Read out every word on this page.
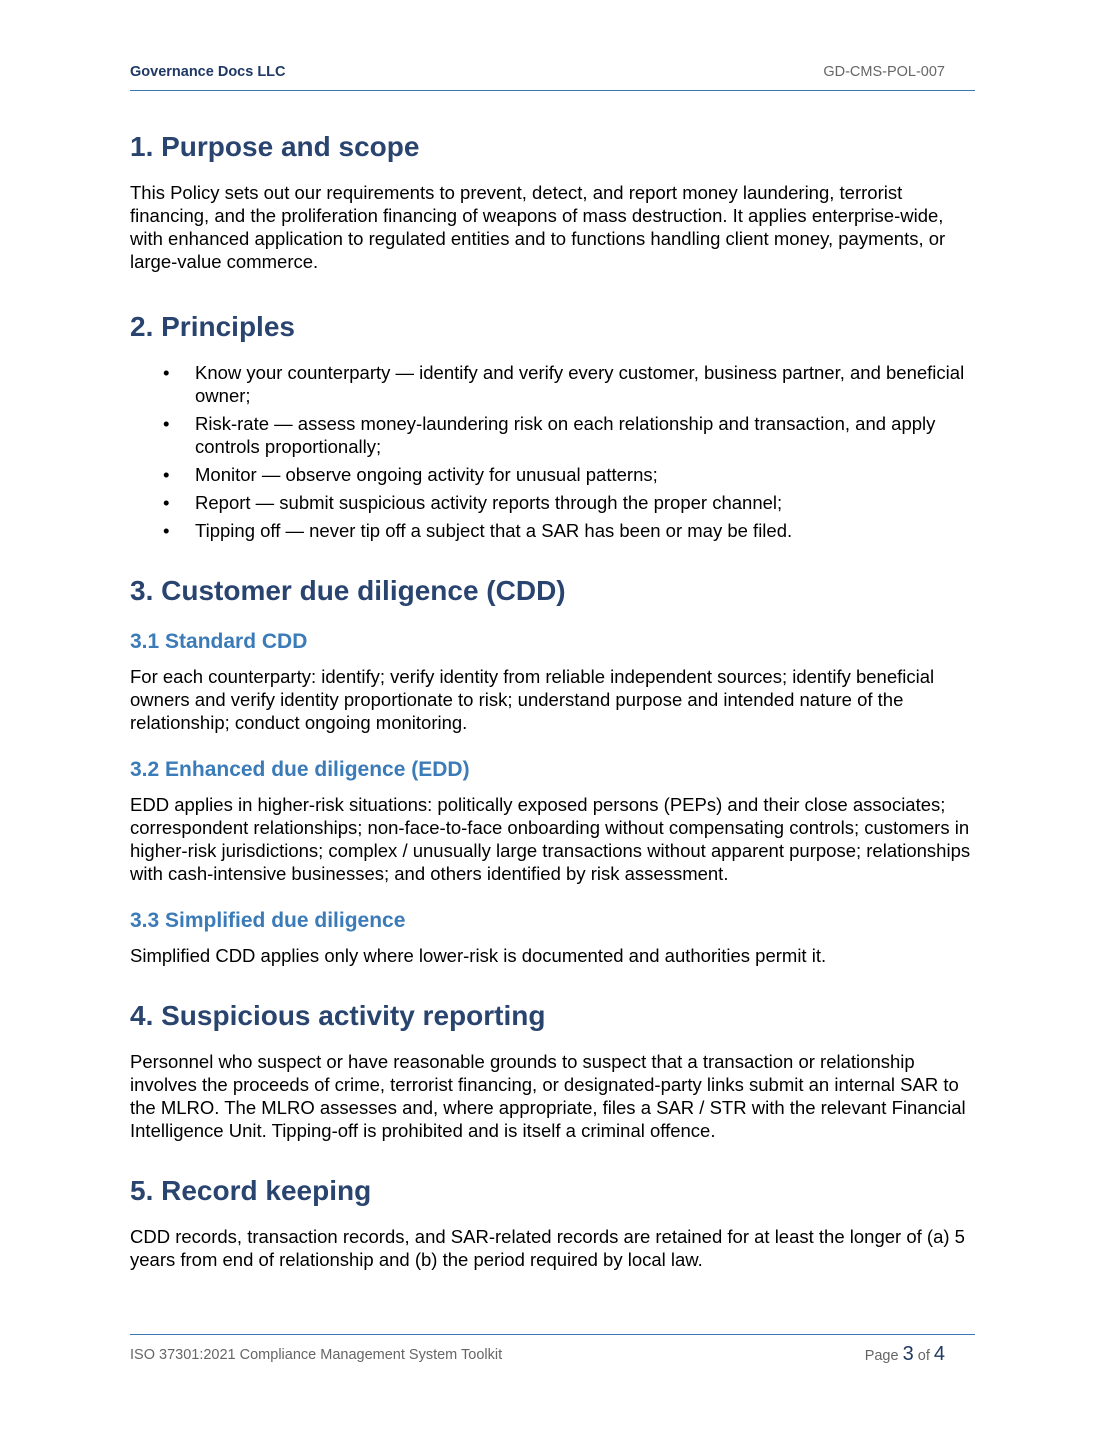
Governance Docs LLC	GD-CMS-POL-007
1. Purpose and scope

This Policy sets out our requirements to prevent, detect, and report money laundering, terrorist financing, and the proliferation financing of weapons of mass destruction. It applies enterprise-wide, with enhanced application to regulated entities and to functions handling client money, payments, or large-value commerce.

2. Principles
• Know your counterparty — identify and verify every customer, business partner, and beneficial owner;
• Risk-rate — assess money-laundering risk on each relationship and transaction, and apply controls proportionally;
• Monitor — observe ongoing activity for unusual patterns;
• Report — submit suspicious activity reports through the proper channel;
• Tipping off — never tip off a subject that a SAR has been or may be filed.
3. Customer due diligence (CDD)
3.1 Standard CDD

For each counterparty: identify; verify identity from reliable independent sources; identify beneficial owners and verify identity proportionate to risk; understand purpose and intended nature of the relationship; conduct ongoing monitoring.

3.2 Enhanced due diligence (EDD)

EDD applies in higher-risk situations: politically exposed persons (PEPs) and their close associates; correspondent relationships; non-face-to-face onboarding without compensating controls; customers in higher-risk jurisdictions; complex / unusually large transactions without apparent purpose; relationships with cash-intensive businesses; and others identified by risk assessment.

3.3 Simplified due diligence

Simplified CDD applies only where lower-risk is documented and authorities permit it.

4. Suspicious activity reporting

Personnel who suspect or have reasonable grounds to suspect that a transaction or relationship involves the proceeds of crime, terrorist financing, or designated-party links submit an internal SAR to the MLRO. The MLRO assesses and, where appropriate, files a SAR / STR with the relevant Financial Intelligence Unit. Tipping-off is prohibited and is itself a criminal offence.

5. Record keeping

CDD records, transaction records, and SAR-related records are retained for at least the longer of (a) 5 years from end of relationship and (b) the period required by local law.

ISO 37301:2021 Compliance Management System Toolkit	Page 3 of 4
